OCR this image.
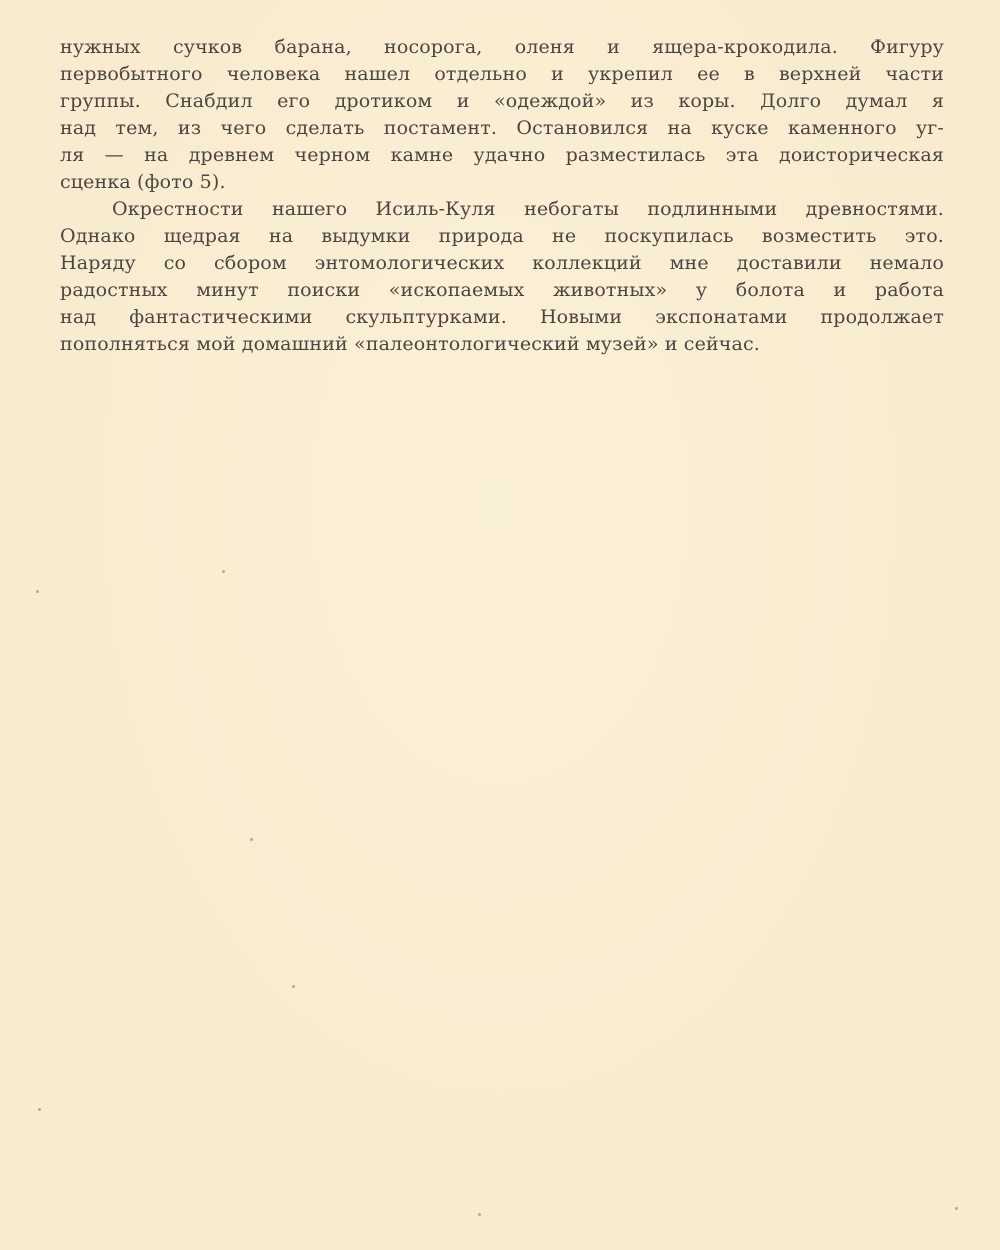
нужных сучков барана, носорога, оленя и ящера-крокодила. Фигуру
первобытного человека нашел отдельно и укрепил ее в верхней части
группы. Снабдил его дротиком и «одеждой» из коры. Долго думал я
над тем, из чего сделать постамент. Остановился на куске каменного уг-
ля — на древнем черном камне удачно разместилась эта доисторическая
сценка (фото 5).
Окрестности нашего Исиль-Куля небогаты подлинными древностями.
Однако щедрая на выдумки природа не поскупилась возместить это.
Наряду со сбором энтомологических коллекций мне доставили немало
радостных минут поиски «ископаемых животных» у болота и работа
над фантастическими скульптурками. Новыми экспонатами продолжает
пополняться мой домашний «палеонтологический музей» и сейчас.
